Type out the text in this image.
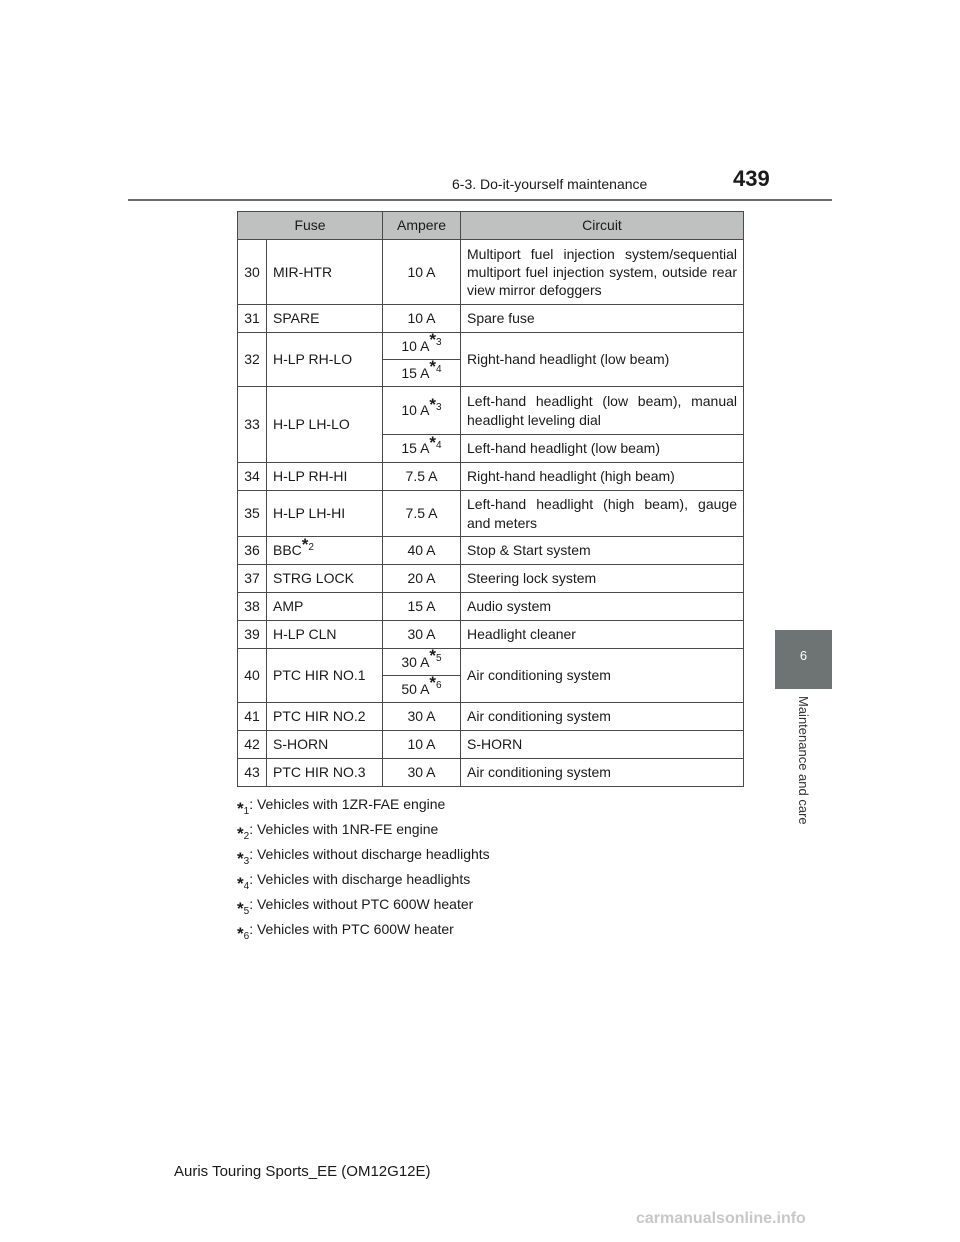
6-3. Do-it-yourself maintenance	439
6
Maintenance and care
Fuse		Ampere	Circuit
30	MIR-HTR	10 A	Multiport fuel injection system/sequential multiport fuel injection system, outside rear view mirror defoggers
31	SPARE	10 A	Spare fuse
32	H-LP RH-LO	10 $A^{*3}$	Right-hand headlight (low beam)
		15 $A^{*4}$
33	H-LP LH-LO	10 $A^{*3}$	Left-hand headlight (low beam), manual headlight leveling dial
		15 $A^{*4}$	Left-hand headlight (low beam)
34	H-LP RH-HI	7.5 A	Right-hand headlight (high beam)
35	H-LP LH-HI	7.5 A	Left-hand headlight (high beam), gauge and meters
36	BBC$^{*2}$	40 A	Stop & Start system
37	STRG LOCK	20 A	Steering lock system
38	AMP	15 A	Audio system
39	H-LP CLN	30 A	Headlight cleaner
40	PTC HIR NO.1	30 $A^{*5}$	Air conditioning system
		50 $A^{*6}$
41	PTC HIR NO.2	30 A	Air conditioning system
42	S-HORN	10 A	S-HORN
43	PTC HIR NO.3	30 A	Air conditioning system
*1 : Vehicles with 1ZR-FAE engine
*2 : Vehicles with 1NR-FE engine
*3 : Vehicles without discharge headlights
*4 : Vehicles with discharge headlights
*5 : Vehicles without PTC 600W heater
*6 : Vehicles with PTC 600W heater
Auris Touring Sports_EE (OM12G12E)
carmanualsonline.info
